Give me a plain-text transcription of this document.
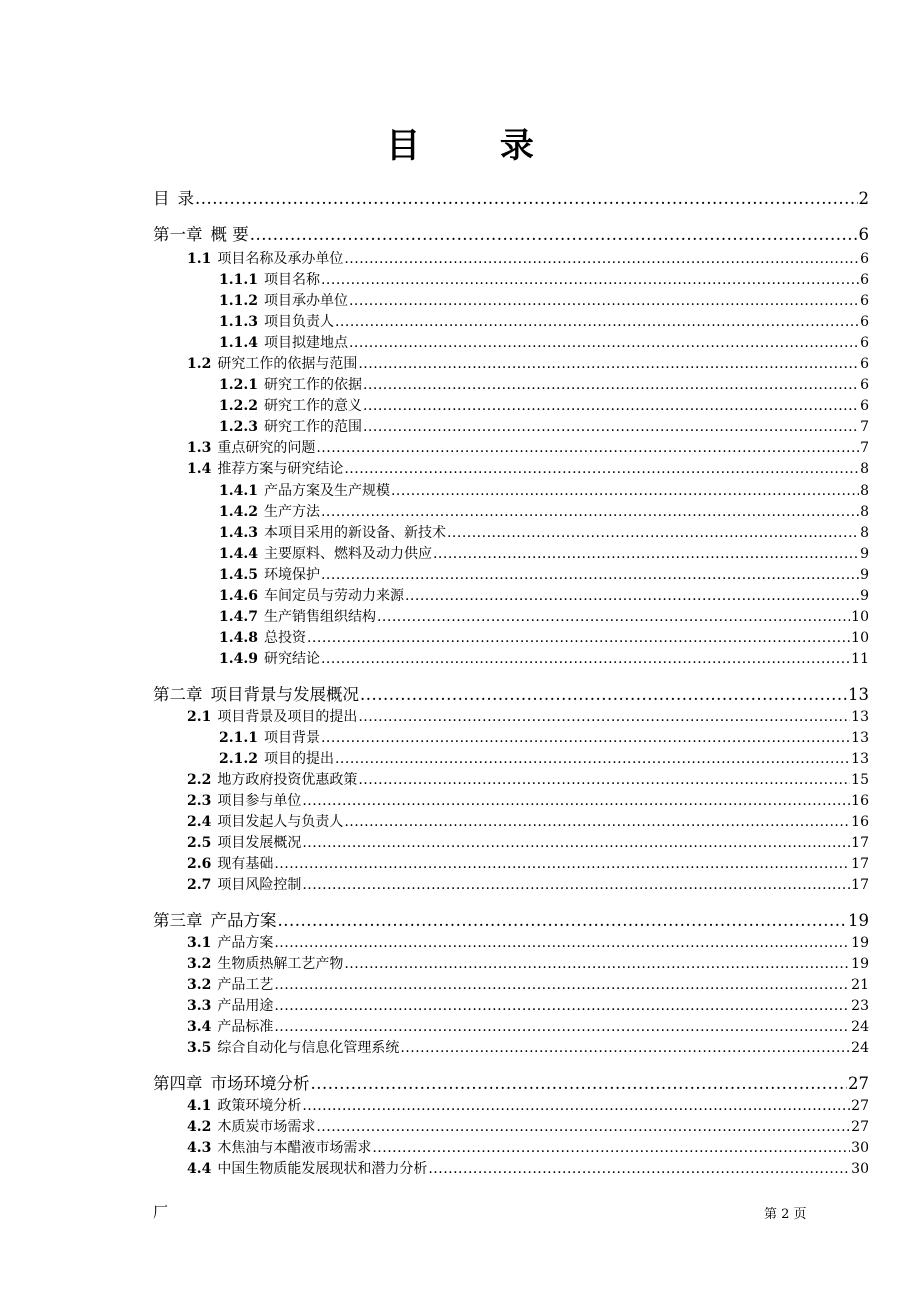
目 录
目 录 .....	2
第一章 概 要 .....	6
1.1 项目名称及承办单位 .....	6
1.1.1 项目名称 .....	6
1.1.2 项目承办单位 .....	6
1.1.3 项目负责人 .....	6
1.1.4 项目拟建地点 .....	6
1.2 研究工作的依据与范围 .....	6
1.2.1 研究工作的依据 .....	6
1.2.2 研究工作的意义 .....	6
1.2.3 研究工作的范围 .....	7
1.3 重点研究的问题 .....	7
1.4 推荐方案与研究结论 .....	8
1.4.1 产品方案及生产规模 .....	8
1.4.2 生产方法 .....	8
1.4.3 本项目采用的新设备、新技术 .....	8
1.4.4 主要原料、燃料及动力供应 .....	9
1.4.5 环境保护 .....	9
1.4.6 车间定员与劳动力来源 .....	9
1.4.7 生产销售组织结构 .....	10
1.4.8 总投资 .....	10
1.4.9 研究结论 .....	11
第二章 项目背景与发展概况 .....	13
2.1 项目背景及项目的提出 .....	13
2.1.1 项目背景 .....	13
2.1.2 项目的提出 .....	13
2.2 地方政府投资优惠政策 .....	15
2.3 项目参与单位 .....	16
2.4 项目发起人与负责人 .....	16
2.5 项目发展概况 .....	17
2.6 现有基础 .....	17
2.7 项目风险控制 .....	17
第三章 产品方案 .....	19
3.1 产品方案 .....	19
3.2 生物质热解工艺产物 .....	19
3.2 产品工艺 .....	21
3.3 产品用途 .....	23
3.4 产品标准 .....	24
3.5 综合自动化与信息化管理系统 .....	24
第四章 市场环境分析 .....	27
4.1 政策环境分析 .....	27
4.2 木质炭市场需求 .....	27
4.3 木焦油与本醋液市场需求 .....	30
4.4 中国生物质能发展现状和潜力分析 .....	30
厂	第 2 页
